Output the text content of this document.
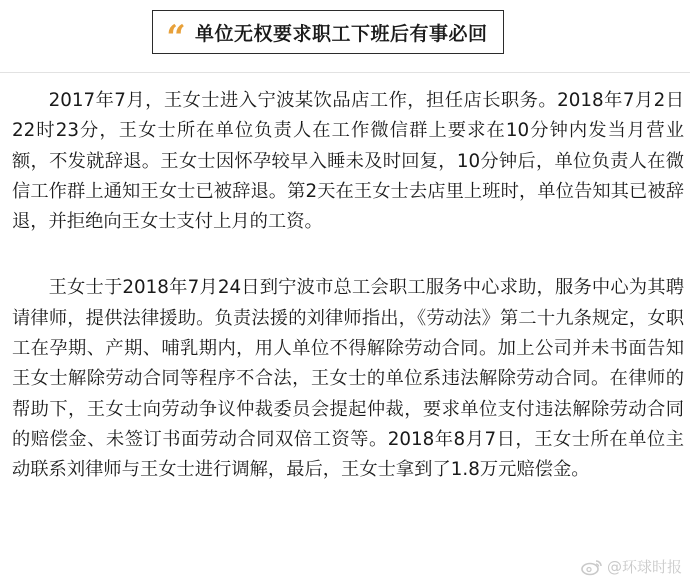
“ 单位无权要求职工下班后有事必回

2017年7月，王女士进入宁波某饮品店工作，担任店长职务。2018年7月2日22时23分，王女士所在单位负责人在工作微信群上要求在10分钟内发当月营业额，不发就辞退。王女士因怀孕较早入睡未及时回复，10分钟后，单位负责人在微信工作群上通知王女士已被辞退。第2天在王女士去店里上班时，单位告知其已被辞退，并拒绝向王女士支付上月的工资。

王女士于2018年7月24日到宁波市总工会职工服务中心求助，服务中心为其聘请律师，提供法律援助。负责法援的刘律师指出，《劳动法》第二十九条规定，女职工在孕期、产期、哺乳期内，用人单位不得解除劳动合同。加上公司并未书面告知王女士解除劳动合同等程序不合法，王女士的单位系违法解除劳动合同。在律师的帮助下，王女士向劳动争议仲裁委员会提起仲裁，要求单位支付违法解除劳动合同的赔偿金、未签订书面劳动合同双倍工资等。2018年8月7日，王女士所在单位主动联系刘律师与王女士进行调解，最后，王女士拿到了1.8万元赔偿金。

@环球时报
